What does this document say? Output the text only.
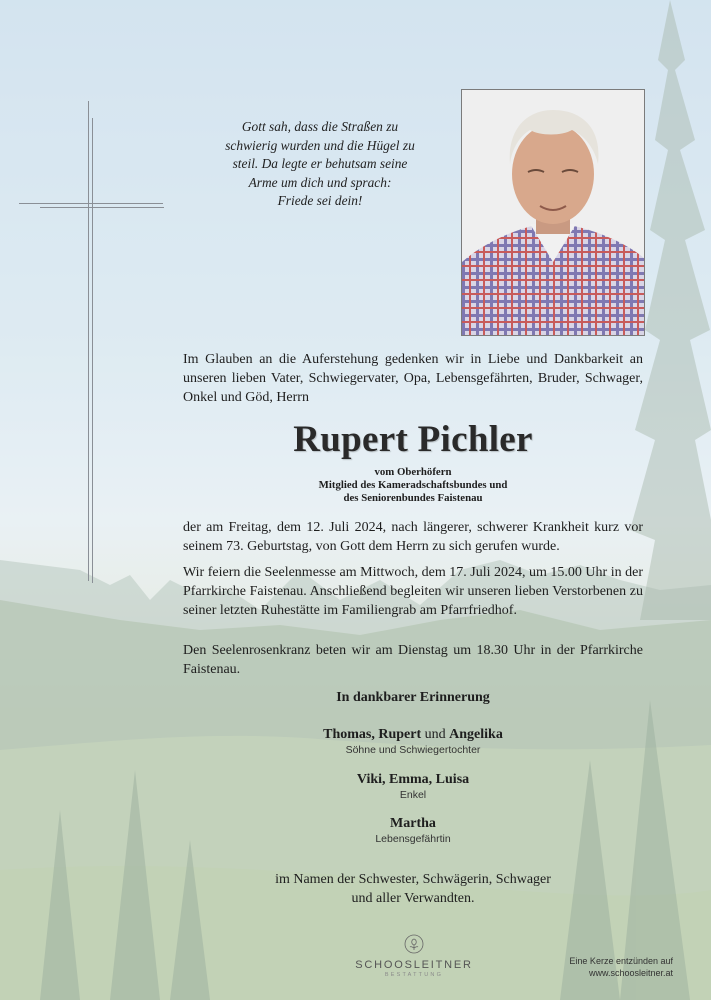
Gott sah, dass die Straßen zu
schwierig wurden und die Hügel zu
steil. Da legte er behutsam seine
Arme um dich und sprach:
Friede sei dein!

Im Glauben an die Auferstehung gedenken wir in Liebe und Dankbarkeit an unseren lieben Vater, Schwiegervater, Opa, Lebensgefährten, Bruder, Schwager, Onkel und Göd, Herrn

Rupert Pichler
vom Oberhöfern
Mitglied des Kameradschaftsbundes und
des Seniorenbundes Faistenau

der am Freitag, dem 12. Juli 2024, nach längerer, schwerer Krankheit kurz vor seinem 73. Geburtstag, von Gott dem Herrn zu sich gerufen wurde.

Wir feiern die Seelenmesse am Mittwoch, dem 17. Juli 2024, um 15.00 Uhr in der Pfarrkirche Faistenau. Anschließend begleiten wir unseren lieben Verstorbenen zu seiner letzten Ruhestätte im Familiengrab am Pfarrfriedhof.

Den Seelenrosenkranz beten wir am Dienstag um 18.30 Uhr in der Pfarrkirche Faistenau.

In dankbarer Erinnerung
Thomas, Rupert und Angelika
Söhne und Schwiegertochter
Viki, Emma, Luisa
Enkel
Martha
Lebensgefährtin
im Namen der Schwester, Schwägerin, Schwager
und aller Verwandten.
SCHOOSLEITNER
BESTATTUNG
Eine Kerze entzünden auf
www.schoosleitner.at
